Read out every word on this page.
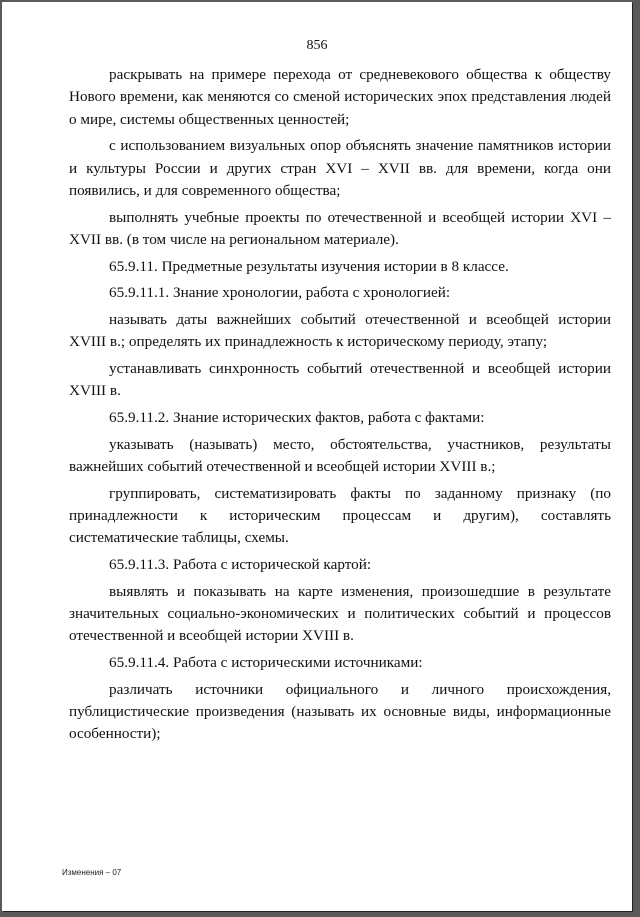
856

раскрывать на примере перехода от средневекового общества к обществу Нового времени, как меняются со сменой исторических эпох представления людей о мире, системы общественных ценностей;

с использованием визуальных опор объяснять значение памятников истории и культуры России и других стран XVI – XVII вв. для времени, когда они появились, и для современного общества;

выполнять учебные проекты по отечественной и всеобщей истории XVI – XVII вв. (в том числе на региональном материале).

65.9.11. Предметные результаты изучения истории в 8 классе.

65.9.11.1. Знание хронологии, работа с хронологией:

называть даты важнейших событий отечественной и всеобщей истории XVIII в.; определять их принадлежность к историческому периоду, этапу;

устанавливать синхронность событий отечественной и всеобщей истории XVIII в.

65.9.11.2. Знание исторических фактов, работа с фактами:

указывать (называть) место, обстоятельства, участников, результаты важнейших событий отечественной и всеобщей истории XVIII в.;

группировать, систематизировать факты по заданному признаку (по принадлежности к историческим процессам и другим), составлять систематические таблицы, схемы.

65.9.11.3. Работа с исторической картой:

выявлять и показывать на карте изменения, произошедшие в результате значительных социально-экономических и политических событий и процессов отечественной и всеобщей истории XVIII в.

65.9.11.4. Работа с историческими источниками:

различать источники официального и личного происхождения, публицистические произведения (называть их основные виды, информационные особенности);

Изменения – 07
